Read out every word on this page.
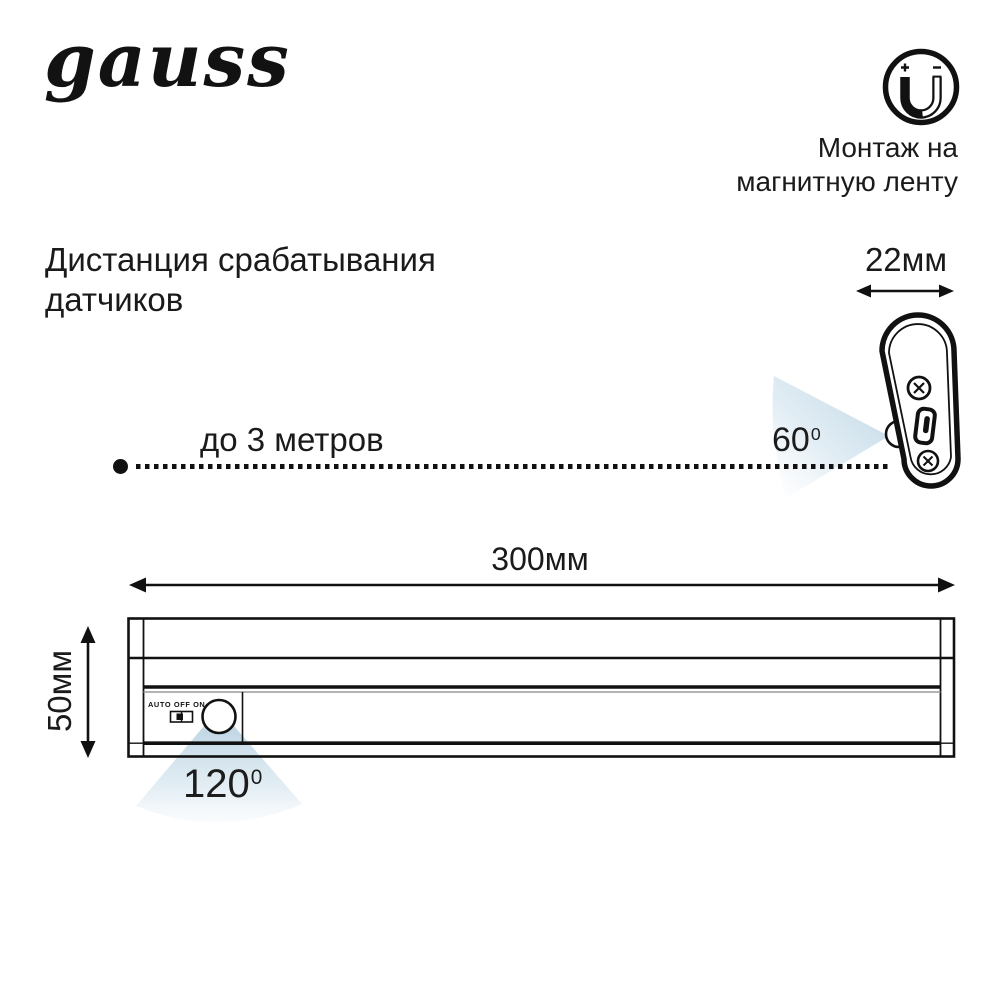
gauss
Монтаж на
магнитную ленту
Дистанция срабатывания
датчиков
22мм
до 3 метров	$60^0$
300мм
50мм	AUTO OFF ON
$120^0$
